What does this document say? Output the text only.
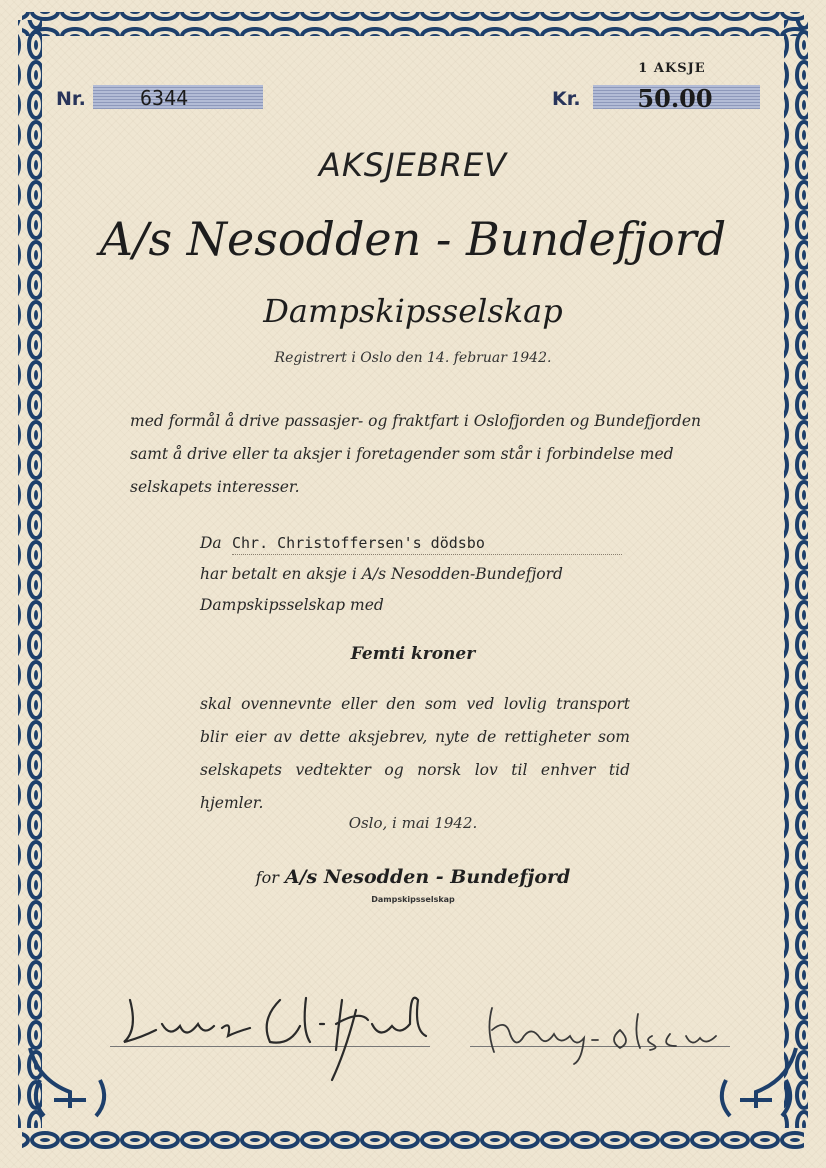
1 AKSJE
Nr.	6344	Kr.	50.00
AKSJEBREV
A/s Nesodden - Bundefjord
Dampskipsselskap
Registrert i Oslo den 14. februar 1942.
med formål å drive passasjer- og fraktfart i Oslofjorden og Bundefjorden samt å drive eller ta aksjer i foretagender som står i forbindelse med selskapets interesser.
Da Chr. Christoffersen's dödsbo
har betalt en aksje i A/s Nesodden-Bundefjord
Dampskipsselskap med
Femti kroner
skal ovennevnte eller den som ved lovlig transport
blir eier av dette aksjebrev, nyte de rettigheter som
selskapets vedtekter og norsk lov til enhver tid hjemler.
Oslo, i mai 1942.
for A/s Nesodden - Bundefjord
Dampskipsselskap
